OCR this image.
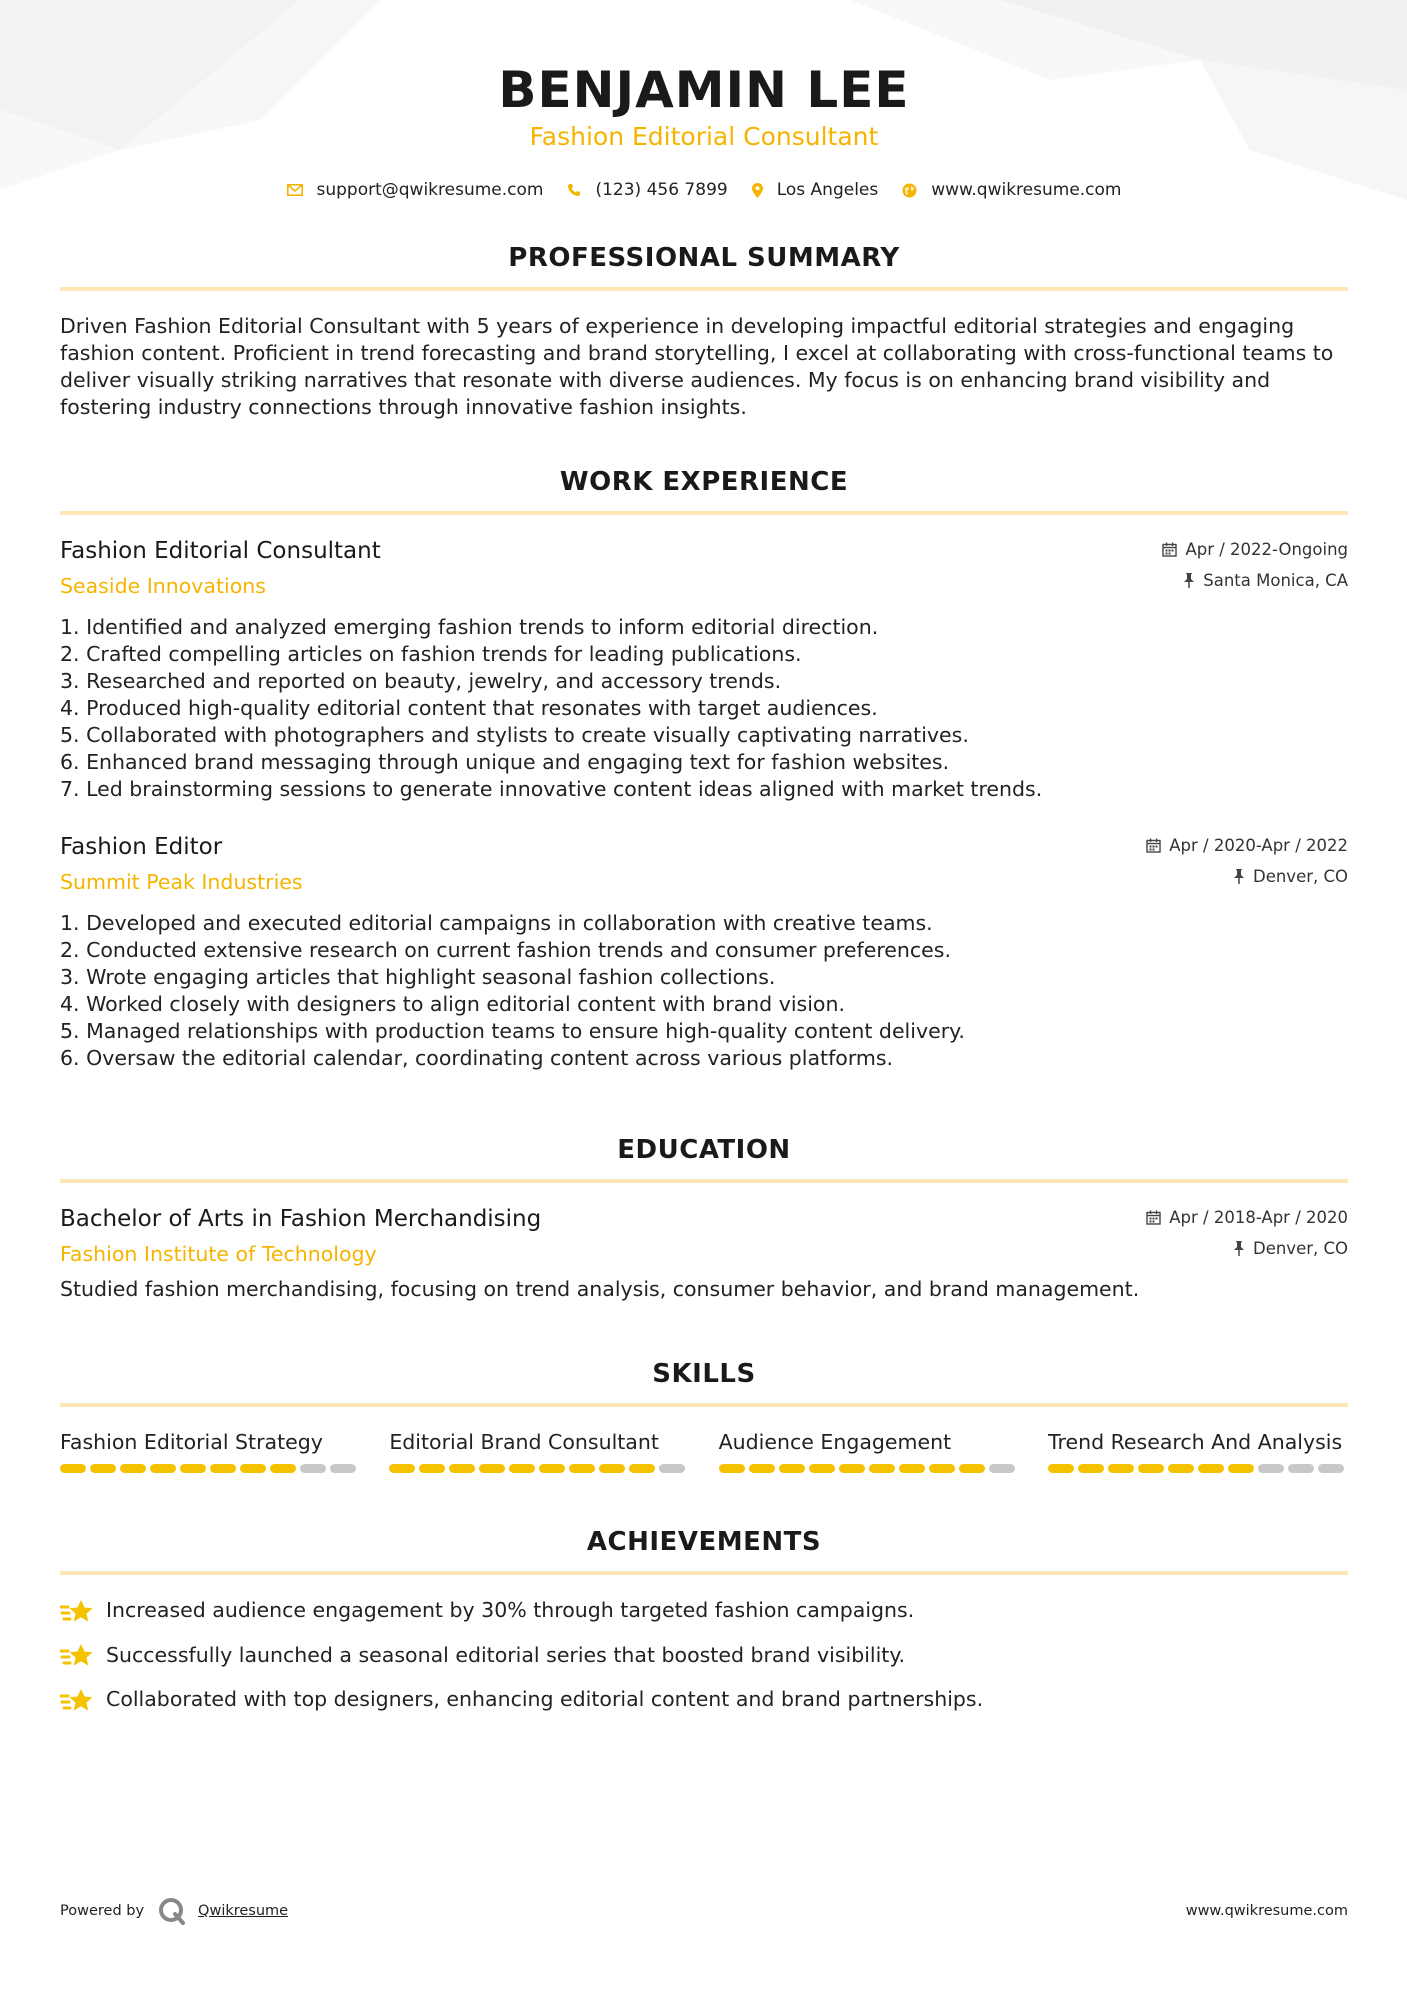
BENJAMIN LEE
Fashion Editorial Consultant
support@qwikresume.com	(123) 456 7899	Los Angeles	www.qwikresume.com
PROFESSIONAL SUMMARY
Driven Fashion Editorial Consultant with 5 years of experience in developing impactful editorial strategies and engaging fashion content. Proficient in trend forecasting and brand storytelling, I excel at collaborating with cross-functional teams to deliver visually striking narratives that resonate with diverse audiences. My focus is on enhancing brand visibility and fostering industry connections through innovative fashion insights.
WORK EXPERIENCE
Apr / 2022-Ongoing
Santa Monica, CA
Fashion Editorial Consultant
Seaside Innovations
1. Identified and analyzed emerging fashion trends to inform editorial direction.
2. Crafted compelling articles on fashion trends for leading publications.
3. Researched and reported on beauty, jewelry, and accessory trends.
4. Produced high-quality editorial content that resonates with target audiences.
5. Collaborated with photographers and stylists to create visually captivating narratives.
6. Enhanced brand messaging through unique and engaging text for fashion websites.
7. Led brainstorming sessions to generate innovative content ideas aligned with market trends.
Apr / 2020-Apr / 2022
Denver, CO
Fashion Editor
Summit Peak Industries
1. Developed and executed editorial campaigns in collaboration with creative teams.
2. Conducted extensive research on current fashion trends and consumer preferences.
3. Wrote engaging articles that highlight seasonal fashion collections.
4. Worked closely with designers to align editorial content with brand vision.
5. Managed relationships with production teams to ensure high-quality content delivery.
6. Oversaw the editorial calendar, coordinating content across various platforms.
EDUCATION
Apr / 2018-Apr / 2020
Denver, CO
Bachelor of Arts in Fashion Merchandising
Fashion Institute of Technology
Studied fashion merchandising, focusing on trend analysis, consumer behavior, and brand management.
SKILLS
Fashion Editorial Strategy	Editorial Brand Consultant	Audience Engagement	Trend Research And Analysis
ACHIEVEMENTS
Increased audience engagement by 30% through targeted fashion campaigns.
Successfully launched a seasonal editorial series that boosted brand visibility.
Collaborated with top designers, enhancing editorial content and brand partnerships.
Powered by	Qwikresume	www.qwikresume.com
